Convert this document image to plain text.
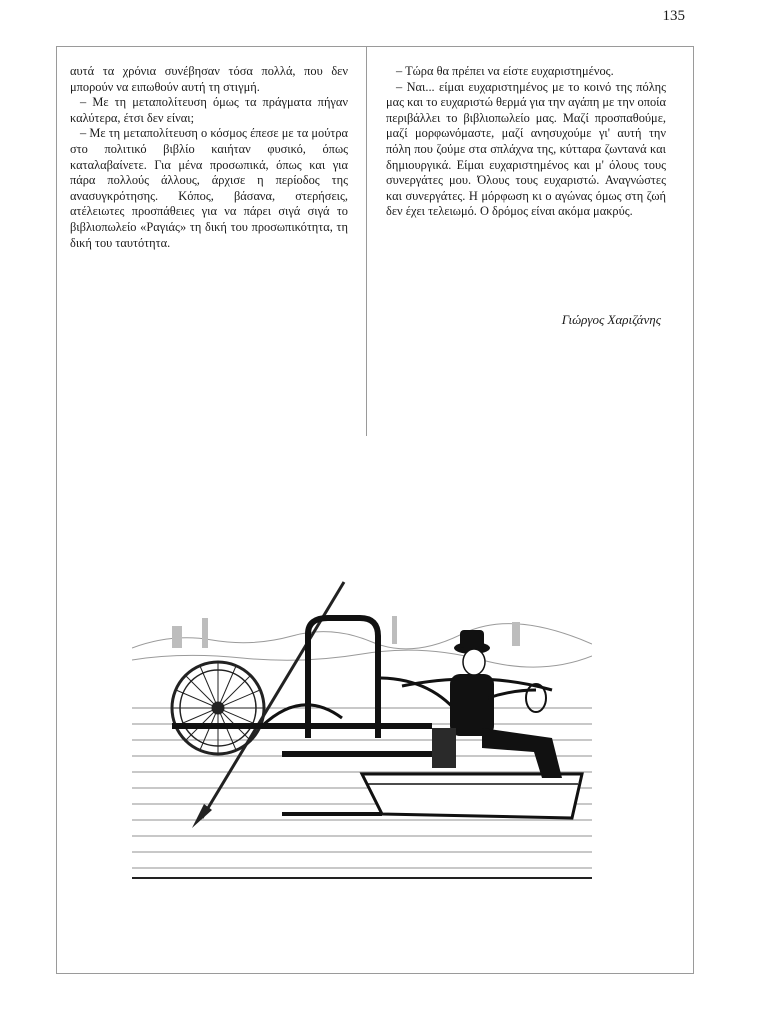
135

αυτά τα χρόνια συνέβησαν τόσα πολλά, που δεν μπορούν να ειπωθούν αυτή τη στιγμή.

– Με τη μεταπολίτευση όμως τα πράγματα πήγαν καλύτερα, έτσι δεν είναι;

– Με τη μεταπολίτευση ο κόσμος έπεσε με τα μούτρα στο πολιτικό βιβλίο καιήταν φυσικό, όπως καταλαβαίνετε. Για μένα προσωπικά, όπως και για πάρα πολλούς άλλους, άρχισε η περίοδος της ανασυγκρότησης. Κόπος, βάσανα, στερήσεις, ατέλειωτες προσπάθειες για να πάρει σιγά σιγά το βιβλιοπωλείο «Ραγιάς» τη δική του προσωπικότητα, τη δική του ταυτότητα.

– Τώρα θα πρέπει να είστε ευχαριστημένος.

– Ναι... είμαι ευχαριστημένος με το κοινό της πόλης μας και το ευχαριστώ θερμά για την αγάπη με την οποία περιβάλλει το βιβλιοπωλείο μας. Μαζί προσπαθούμε, μαζί μορφωνόμαστε, μαζί ανησυχούμε γι' αυτή την πόλη που ζούμε στα σπλάχνα της, κύτταρα ζωντανά και δημιουργικά. Είμαι ευχαριστημένος και μ' όλους τους συνεργάτες μου. Όλους τους ευχαριστώ. Αναγνώστες και συνεργάτες. Η μόρφωση κι ο αγώνας όμως στη ζωή δεν έχει τελειωμό. Ο δρόμος είναι ακόμα μακρύς.

Γιώργος Χαριζάνης
